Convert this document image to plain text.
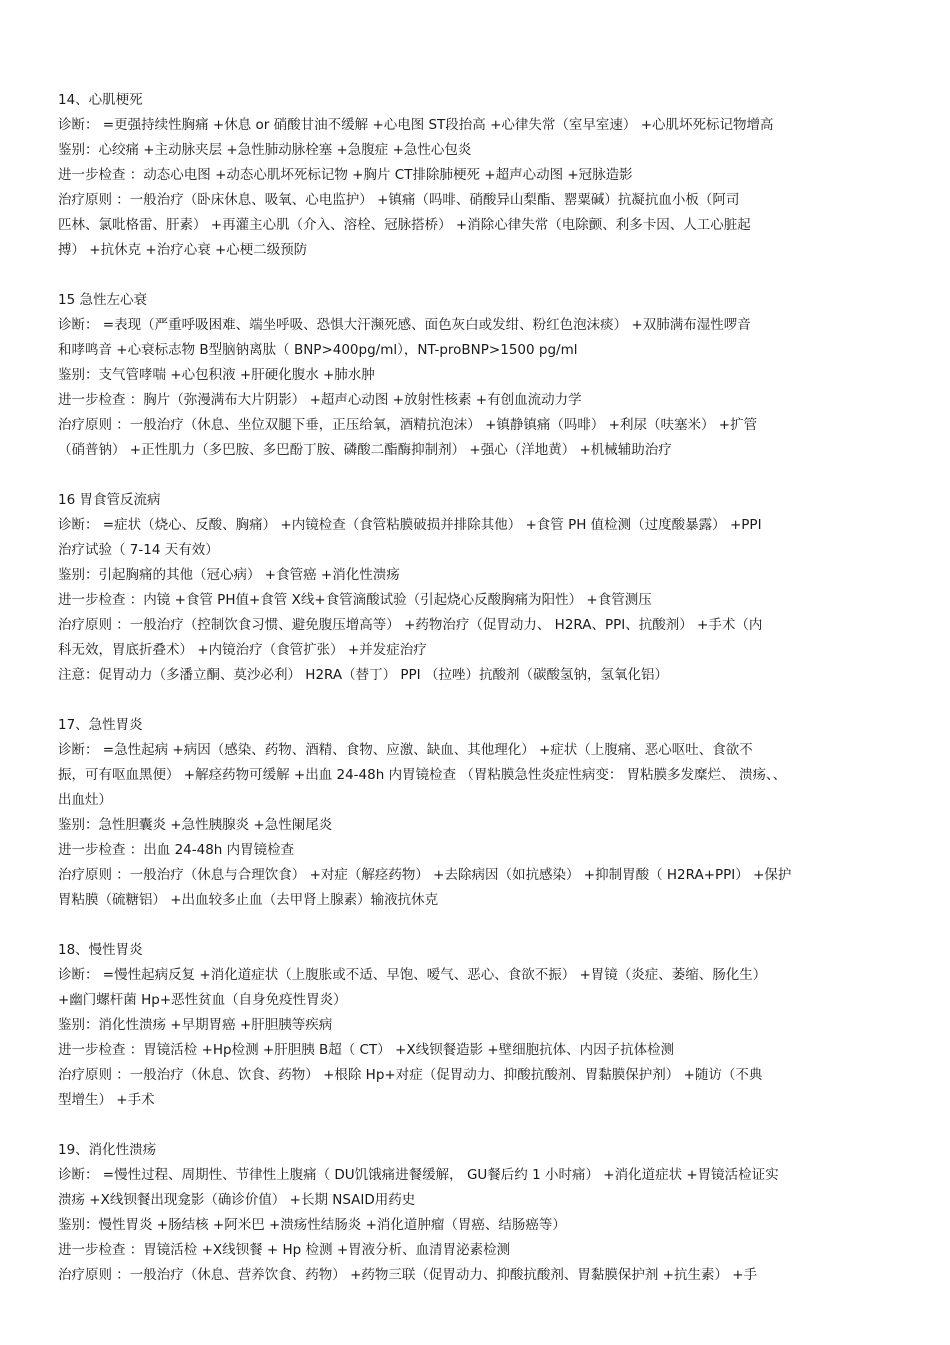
14、心肌梗死
诊断： =更强持续性胸痛 +休息 or 硝酸甘油不缓解 +心电图 ST段抬高 +心律失常（室早室速） +心肌坏死标记物增高
鉴别：心绞痛 +主动脉夹层 +急性肺动脉栓塞 +急腹症 +急性心包炎
进一步检查 ：动态心电图 +动态心肌坏死标记物 +胸片 CT排除肺梗死 +超声心动图 +冠脉造影
治疗原则 ：一般治疗（卧床休息、吸氧、心电监护） +镇痛（吗啡、硝酸异山梨酯、罂粟碱）抗凝抗血小板（阿司
匹林、氯吡格雷、肝素） +再灌主心肌（介入、溶栓、冠脉搭桥） +消除心律失常（电除颤、利多卡因、人工心脏起
搏） +抗休克 +治疗心衰 +心梗二级预防
15 急性左心衰
诊断： =表现（严重呼吸困难、端坐呼吸、恐惧大汗濒死感、面色灰白或发绀、粉红色泡沫痰） +双肺满布湿性啰音
和哮鸣音 +心衰标志物 B型脑钠离肽（ BNP>400pg/ml），NT-proBNP>1500 pg/ml
鉴别：支气管哮喘 +心包积液 +肝硬化腹水 +肺水肿
进一步检查 ：胸片（弥漫满布大片阴影） +超声心动图 +放射性核素 +有创血流动力学
治疗原则 ：一般治疗（休息、坐位双腿下垂，正压给氧，酒精抗泡沫） +镇静镇痛（吗啡） +利尿（呋塞米） +扩管
（硝普钠） +正性肌力（多巴胺、多巴酚丁胺、磷酸二酯酶抑制剂） +强心（洋地黄） +机械辅助治疗
16 胃食管反流病
诊断： =症状（烧心、反酸、胸痛） +内镜检查（食管粘膜破损并排除其他） +食管 PH 值检测（过度酸暴露） +PPI
治疗试验（ 7-14 天有效）
鉴别：引起胸痛的其他（冠心病） +食管癌 +消化性溃疡
进一步检查 ：内镜 +食管 PH值+食管 X线+食管滴酸试验（引起烧心反酸胸痛为阳性） +食管测压
治疗原则 ：一般治疗（控制饮食习惯、避免腹压增高等） +药物治疗（促胃动力、 H2RA、PPI、抗酸剂） +手术（内
科无效，胃底折叠术） +内镜治疗（食管扩张） +并发症治疗
注意：促胃动力（多潘立酮、莫沙必利） H2RA（替丁） PPI （拉唑）抗酸剂（碳酸氢钠，氢氧化铝）
17、急性胃炎
诊断： =急性起病 +病因（感染、药物、酒精、食物、应激、缺血、其他理化） +症状（上腹痛、恶心呕吐、食欲不
振，可有呕血黑便） +解痉药物可缓解 +出血 24-48h 内胃镜检查 （胃粘膜急性炎症性病变： 胃粘膜多发糜烂、 溃疡、、
出血灶）
鉴别：急性胆囊炎 +急性胰腺炎 +急性阑尾炎
进一步检查 ：出血 24-48h 内胃镜检查
治疗原则 ：一般治疗（休息与合理饮食） +对症（解痉药物） +去除病因（如抗感染） +抑制胃酸（ H2RA+PPI） +保护
胃粘膜（硫糖铝） +出血较多止血（去甲肾上腺素）输液抗休克
18、慢性胃炎
诊断： =慢性起病反复 +消化道症状（上腹胀或不适、早饱、嗳气、恶心、食欲不振） +胃镜（炎症、萎缩、肠化生）
+幽门螺杆菌 Hp+恶性贫血（自身免疫性胃炎）
鉴别：消化性溃疡 +早期胃癌 +肝胆胰等疾病
进一步检查 ：胃镜活检 +Hp检测 +肝胆胰 B超（ CT） +X线钡餐造影 +壁细胞抗体、内因子抗体检测
治疗原则 ：一般治疗（休息、饮食、药物） +根除 Hp+对症（促胃动力、抑酸抗酸剂、胃黏膜保护剂） +随访（不典
型增生） +手术
19、消化性溃疡
诊断： =慢性过程、周期性、节律性上腹痛（ DU饥饿痛进餐缓解， GU餐后约 1 小时痛） +消化道症状 +胃镜活检证实
溃疡 +X线钡餐出现龛影（确诊价值） +长期 NSAID用药史
鉴别：慢性胃炎 +肠结核 +阿米巴 +溃疡性结肠炎 +消化道肿瘤（胃癌、结肠癌等）
进一步检查 ：胃镜活检 +X线钡餐 + Hp 检测 +胃液分析、血清胃泌素检测
治疗原则 ：一般治疗（休息、营养饮食、药物） +药物三联（促胃动力、抑酸抗酸剂、胃黏膜保护剂 +抗生素） +手
